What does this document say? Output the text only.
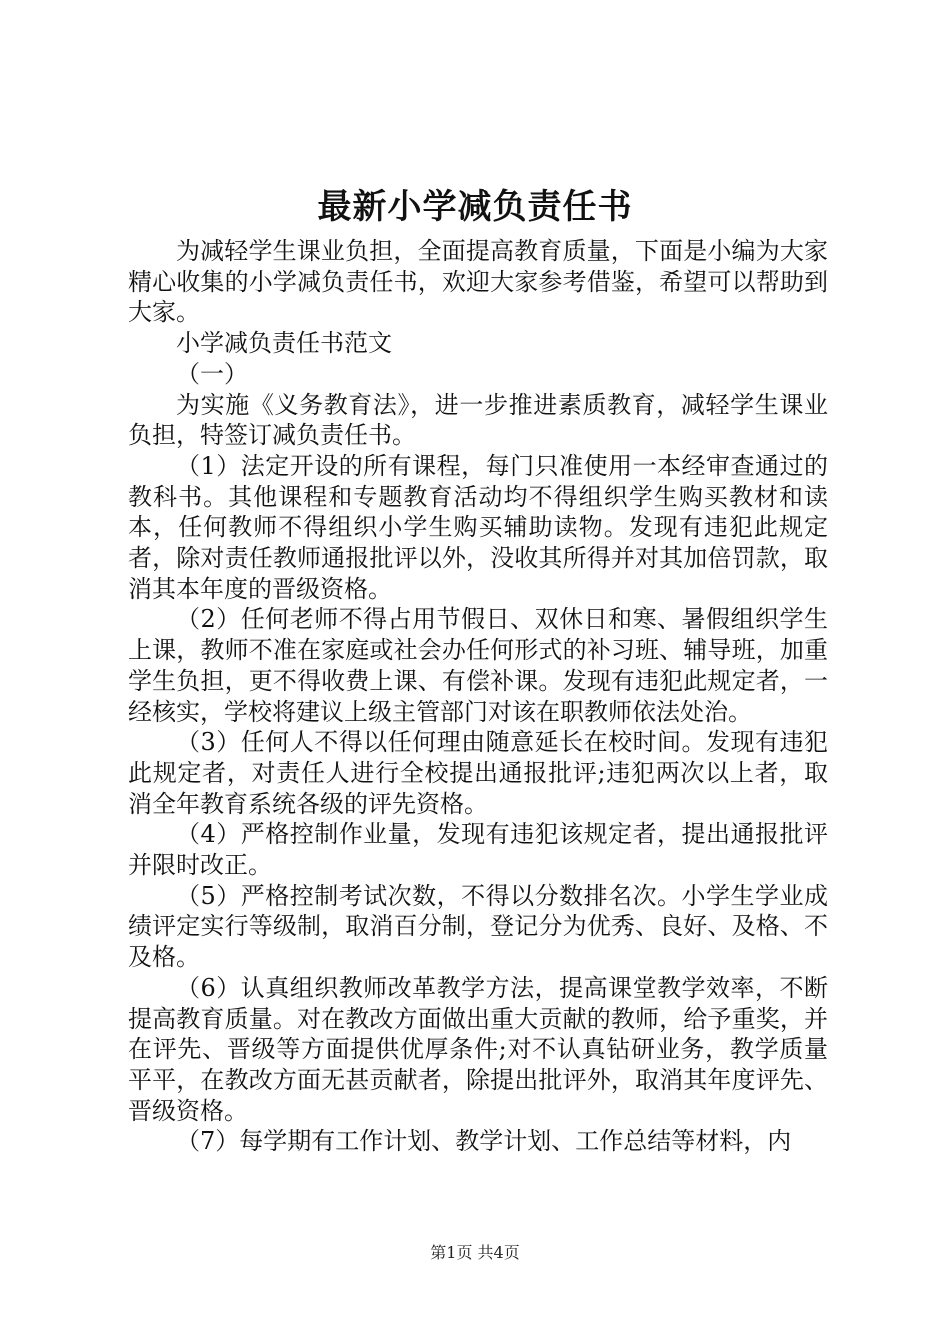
最新小学减负责任书

为减轻学生课业负担，全面提高教育质量，下面是小编为大家精心收集的小学减负责任书，欢迎大家参考借鉴，希望可以帮助到大家。

小学减负责任书范文

（一）

为实施《义务教育法》，进一步推进素质教育，减轻学生课业负担，特签订减负责任书。

（1）法定开设的所有课程，每门只准使用一本经审查通过的教科书。其他课程和专题教育活动均不得组织学生购买教材和读本，任何教师不得组织小学生购买辅助读物。发现有违犯此规定者，除对责任教师通报批评以外，没收其所得并对其加倍罚款，取消其本年度的晋级资格。

（2）任何老师不得占用节假日、双休日和寒、暑假组织学生上课，教师不准在家庭或社会办任何形式的补习班、辅导班，加重学生负担，更不得收费上课、有偿补课。发现有违犯此规定者，一经核实，学校将建议上级主管部门对该在职教师依法处治。

（3）任何人不得以任何理由随意延长在校时间。发现有违犯此规定者，对责任人进行全校提出通报批评;违犯两次以上者，取消全年教育系统各级的评先资格。

（4）严格控制作业量，发现有违犯该规定者，提出通报批评并限时改正。

（5）严格控制考试次数，不得以分数排名次。小学生学业成绩评定实行等级制，取消百分制，登记分为优秀、良好、及格、不及格。

（6）认真组织教师改革教学方法，提高课堂教学效率，不断提高教育质量。对在教改方面做出重大贡献的教师，给予重奖，并在评先、晋级等方面提供优厚条件;对不认真钻研业务，教学质量平平，在教改方面无甚贡献者，除提出批评外，取消其年度评先、晋级资格。

（7）每学期有工作计划、教学计划、工作总结等材料，内

第1页 共4页
